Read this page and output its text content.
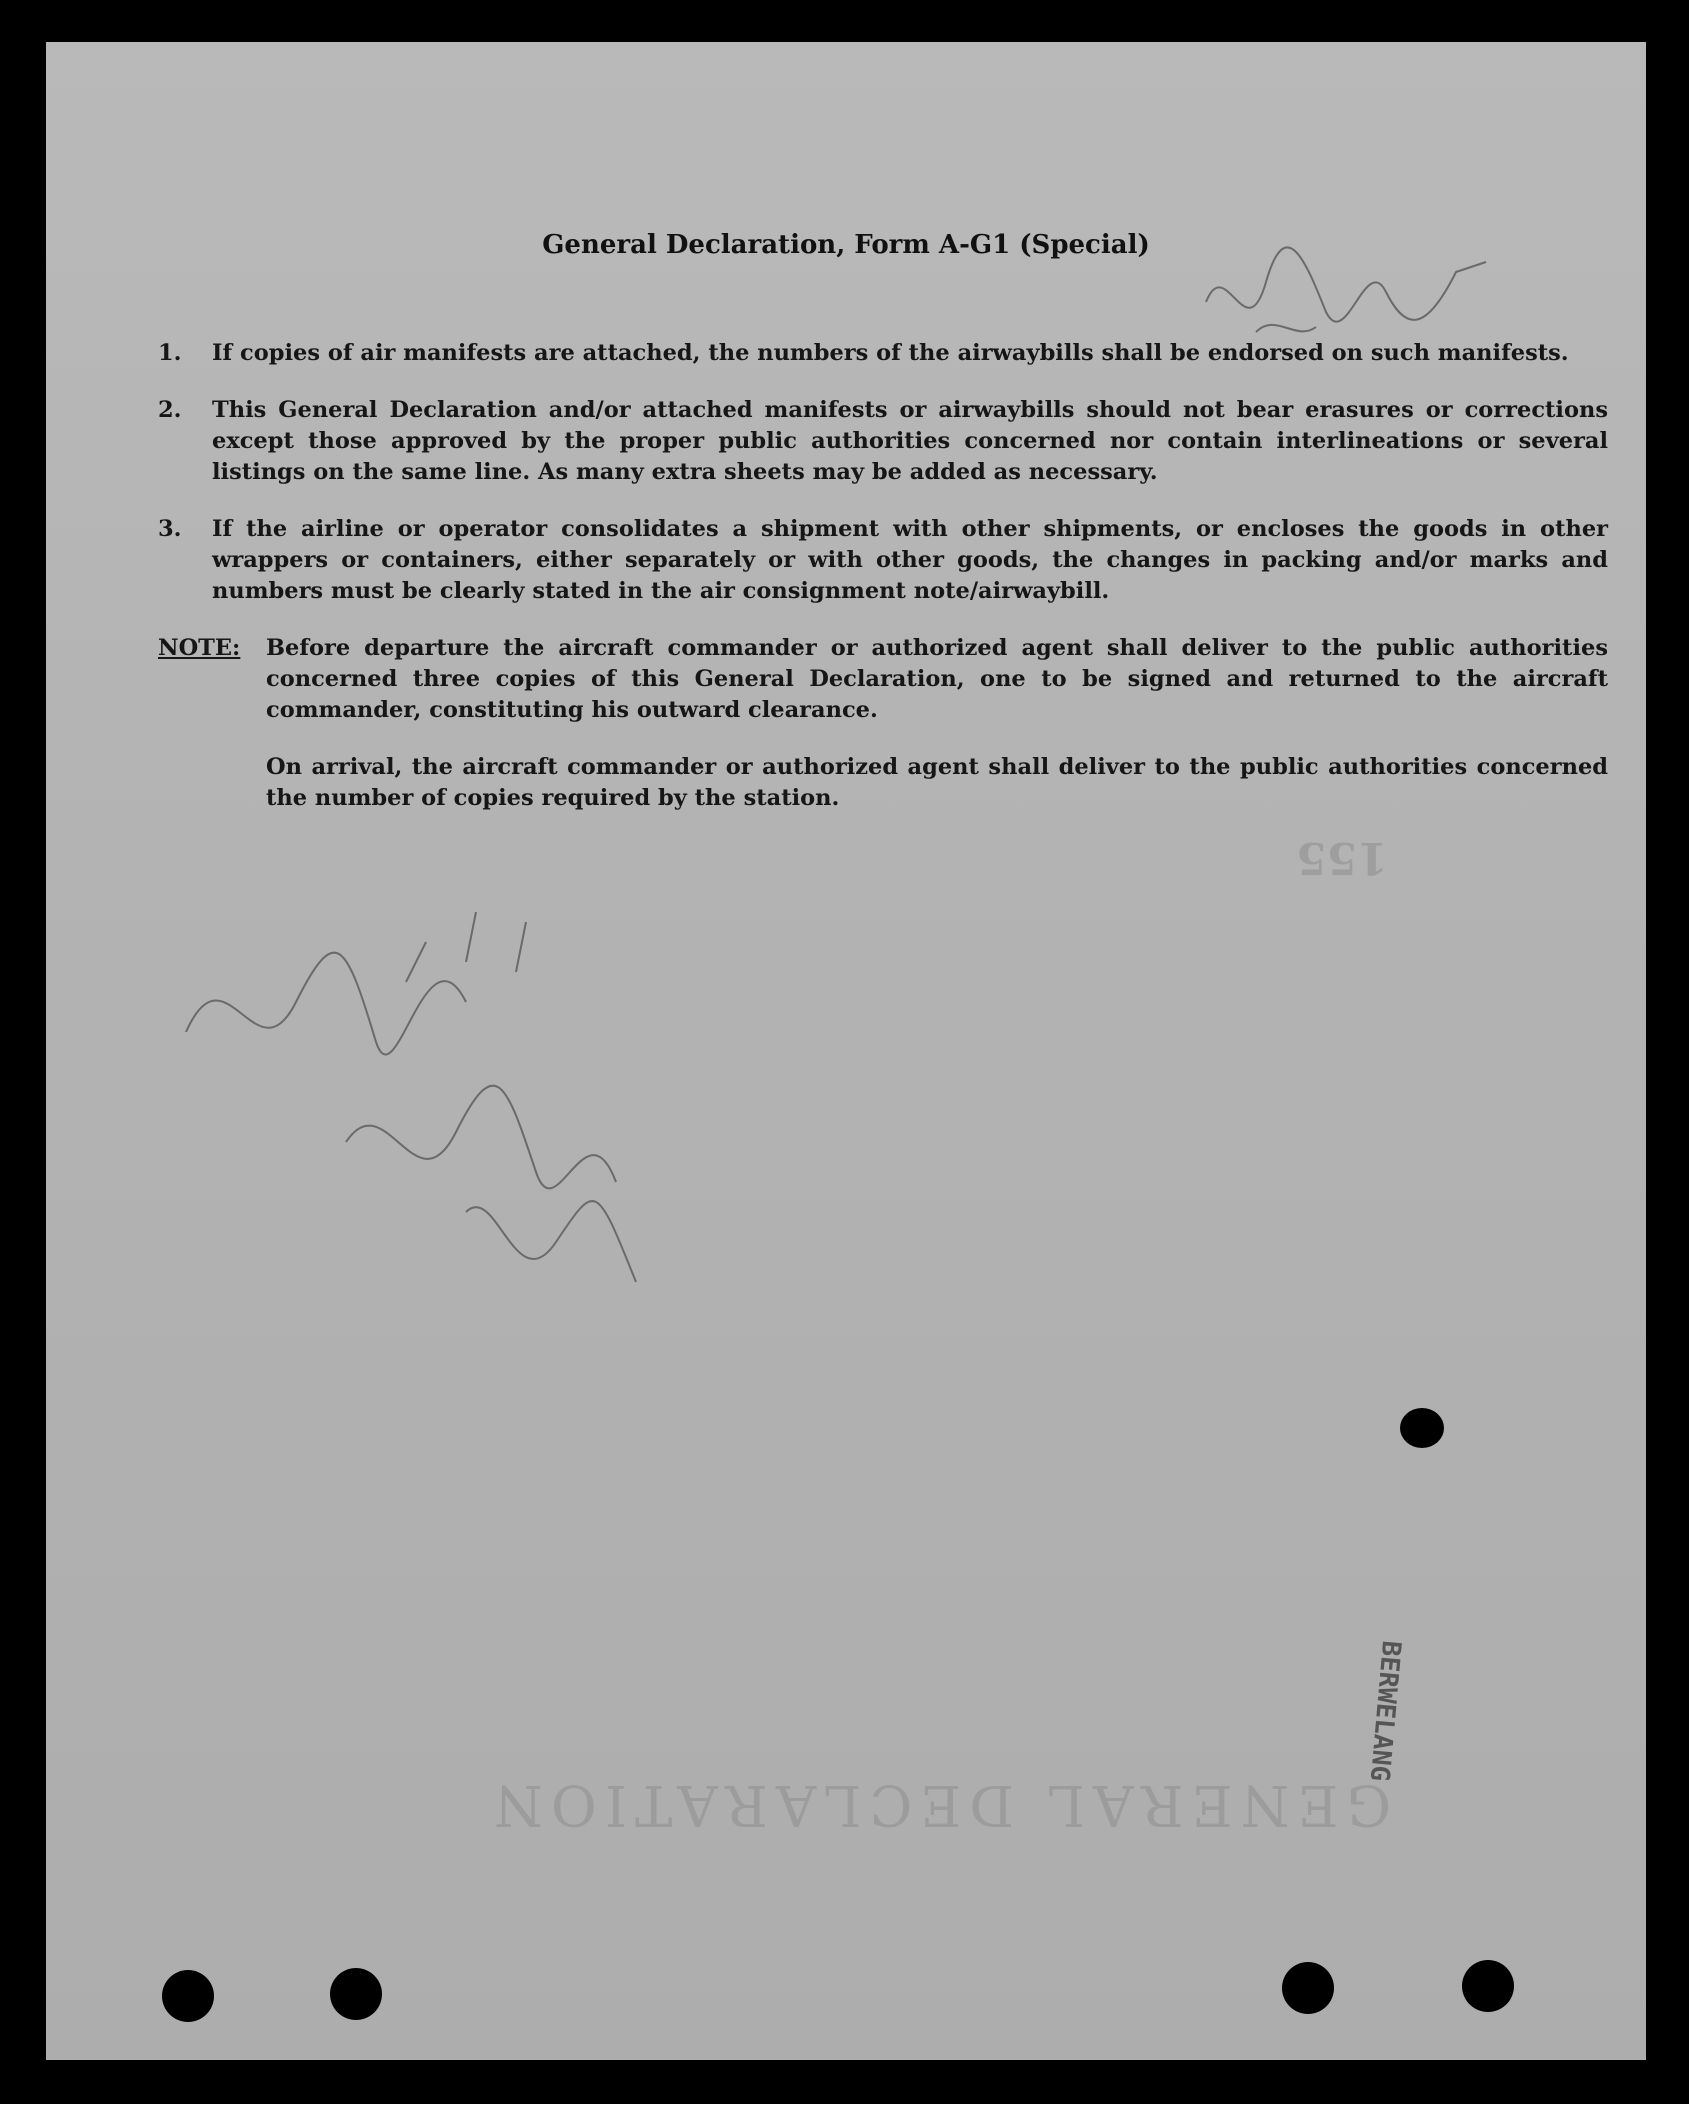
GENERAL DECLARATION
155
General Declaration, Form A-G1 (Special)
1.	If copies of air manifests are attached, the numbers of the airwaybills shall be endorsed on such manifests.
2.	This General Declaration and/or attached manifests or airwaybills should not bear erasures or corrections except those approved by the proper public authorities concerned nor contain interlineations or several listings on the same line. As many extra sheets may be added as necessary.
3.	If the airline or operator consolidates a shipment with other shipments, or encloses the goods in other wrappers or containers, either separately or with other goods, the changes in packing and/or marks and numbers must be clearly stated in the air consignment note/airwaybill.
NOTE:	Before departure the aircraft commander or authorized agent shall deliver to the public authorities concerned three copies of this General Declaration, one to be signed and returned to the aircraft commander, constituting his outward clearance.

On arrival, the aircraft commander or authorized agent shall deliver to the public authorities concerned the number of copies required by the station.

BERWELANG
